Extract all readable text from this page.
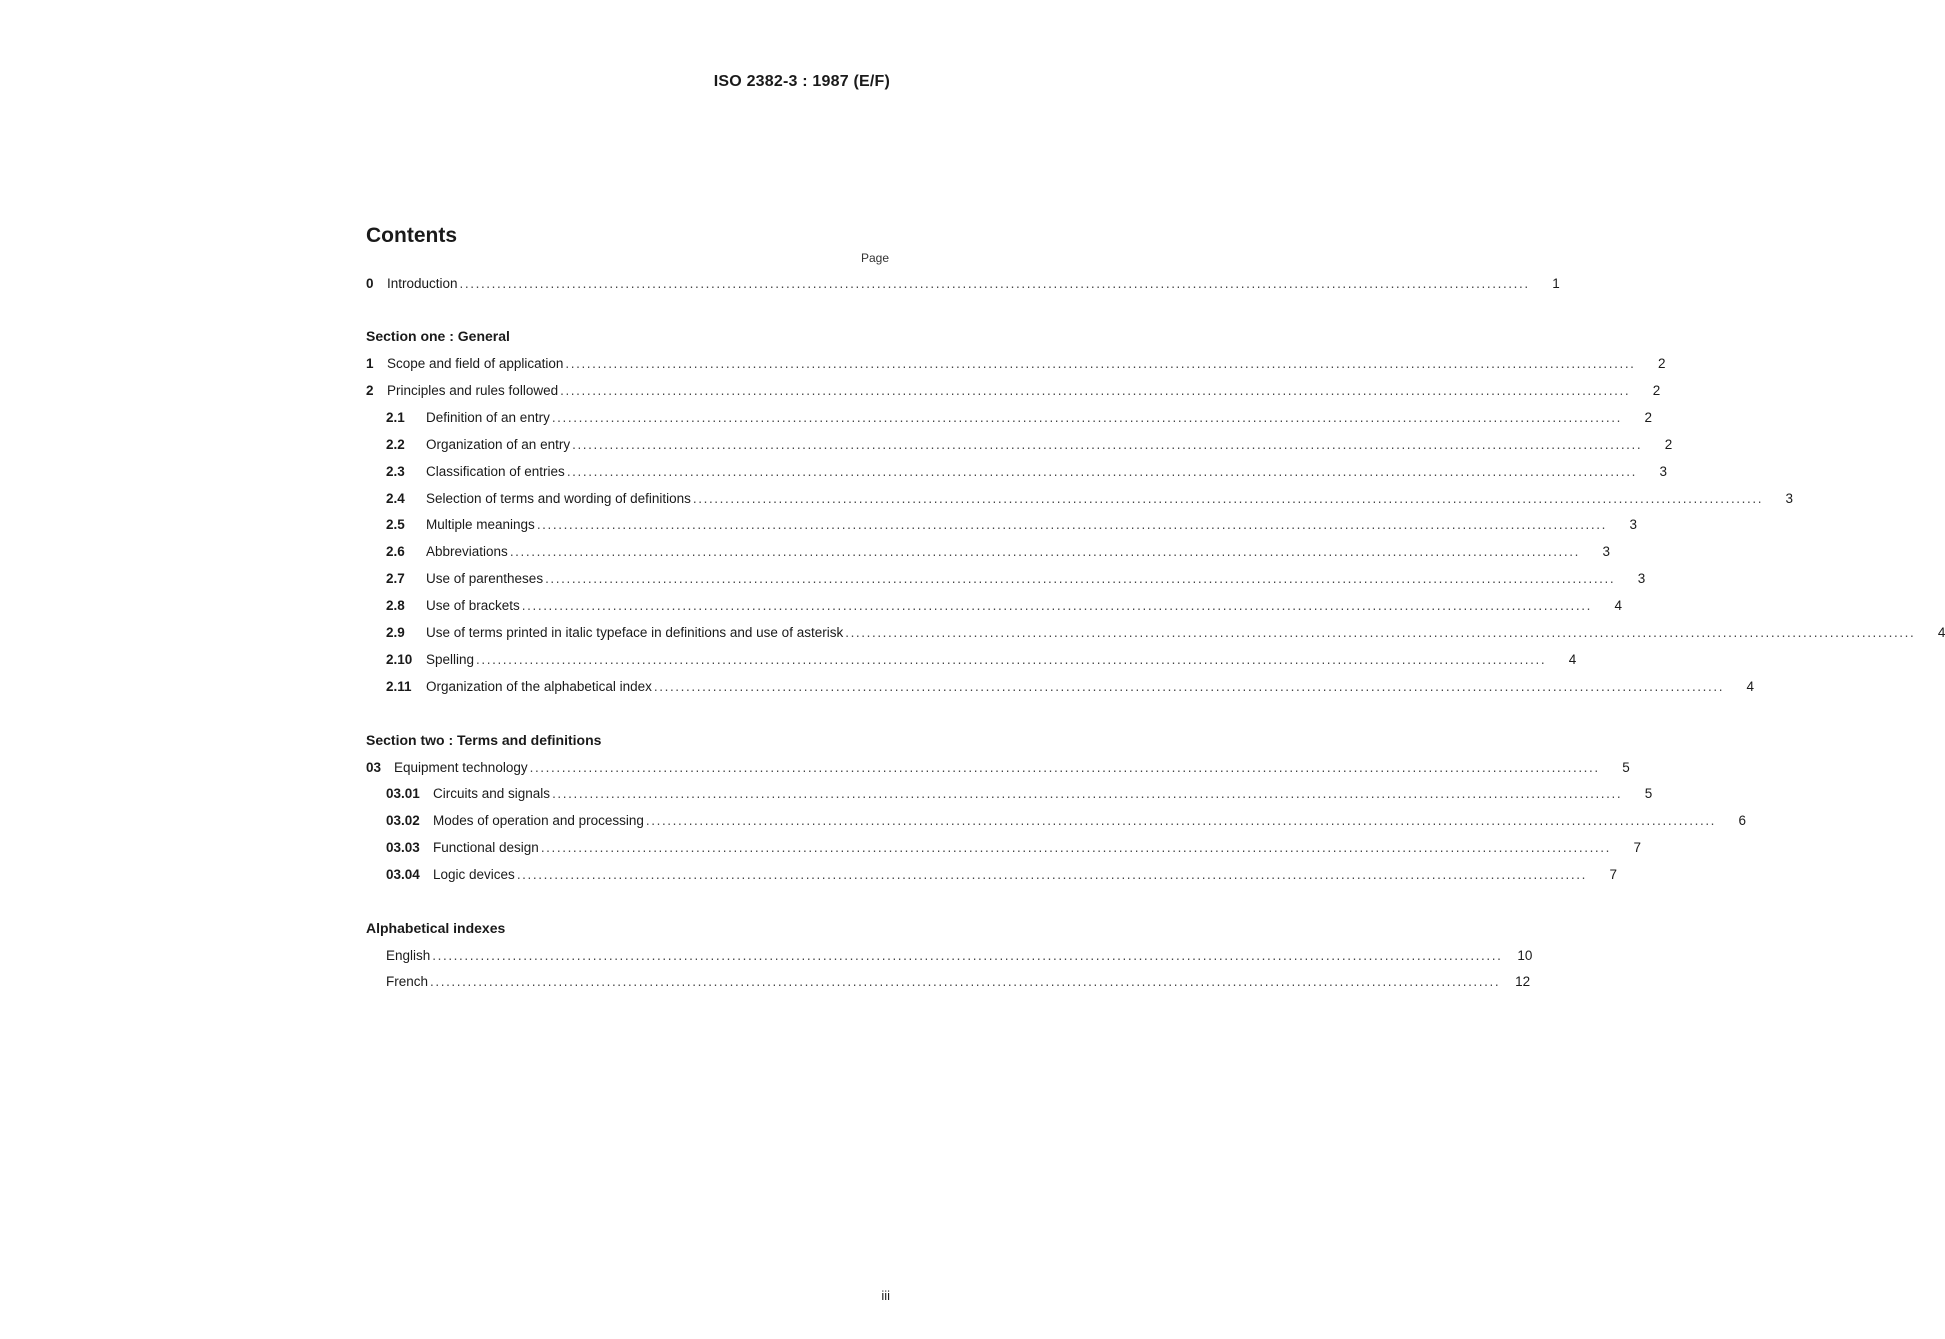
ISO 2382-3 : 1987 (E/F)
Contents
Page
0 Introduction ........................................................................................................................................................................................................	1
Section one : General
1 Scope and field of application ........................................................................................................................................................................................................	2
2 Principles and rules followed ........................................................................................................................................................................................................	2
2.1	Definition of an entry ........................................................................................................................................................................................................	2
2.2	Organization of an entry ........................................................................................................................................................................................................	2
2.3	Classification of entries ........................................................................................................................................................................................................	3
2.4	Selection of terms and wording of definitions ........................................................................................................................................................................................................	3
2.5	Multiple meanings ........................................................................................................................................................................................................	3
2.6	Abbreviations ........................................................................................................................................................................................................	3
2.7	Use of parentheses ........................................................................................................................................................................................................	3
2.8	Use of brackets ........................................................................................................................................................................................................	4
2.9	Use of terms printed in italic typeface in definitions and use of asterisk ........................................................................................................................................................................................................	4
2.10	Spelling ........................................................................................................................................................................................................	4
2.11	Organization of the alphabetical index ........................................................................................................................................................................................................	4
Section two : Terms and definitions
03 Equipment technology ........................................................................................................................................................................................................	5
03.01 Circuits and signals ........................................................................................................................................................................................................	5
03.02 Modes of operation and processing ........................................................................................................................................................................................................	6
03.03 Functional design ........................................................................................................................................................................................................	7
03.04 Logic devices ........................................................................................................................................................................................................	7
Alphabetical indexes
English ........................................................................................................................................................................................................	10
French ........................................................................................................................................................................................................	12
iii
